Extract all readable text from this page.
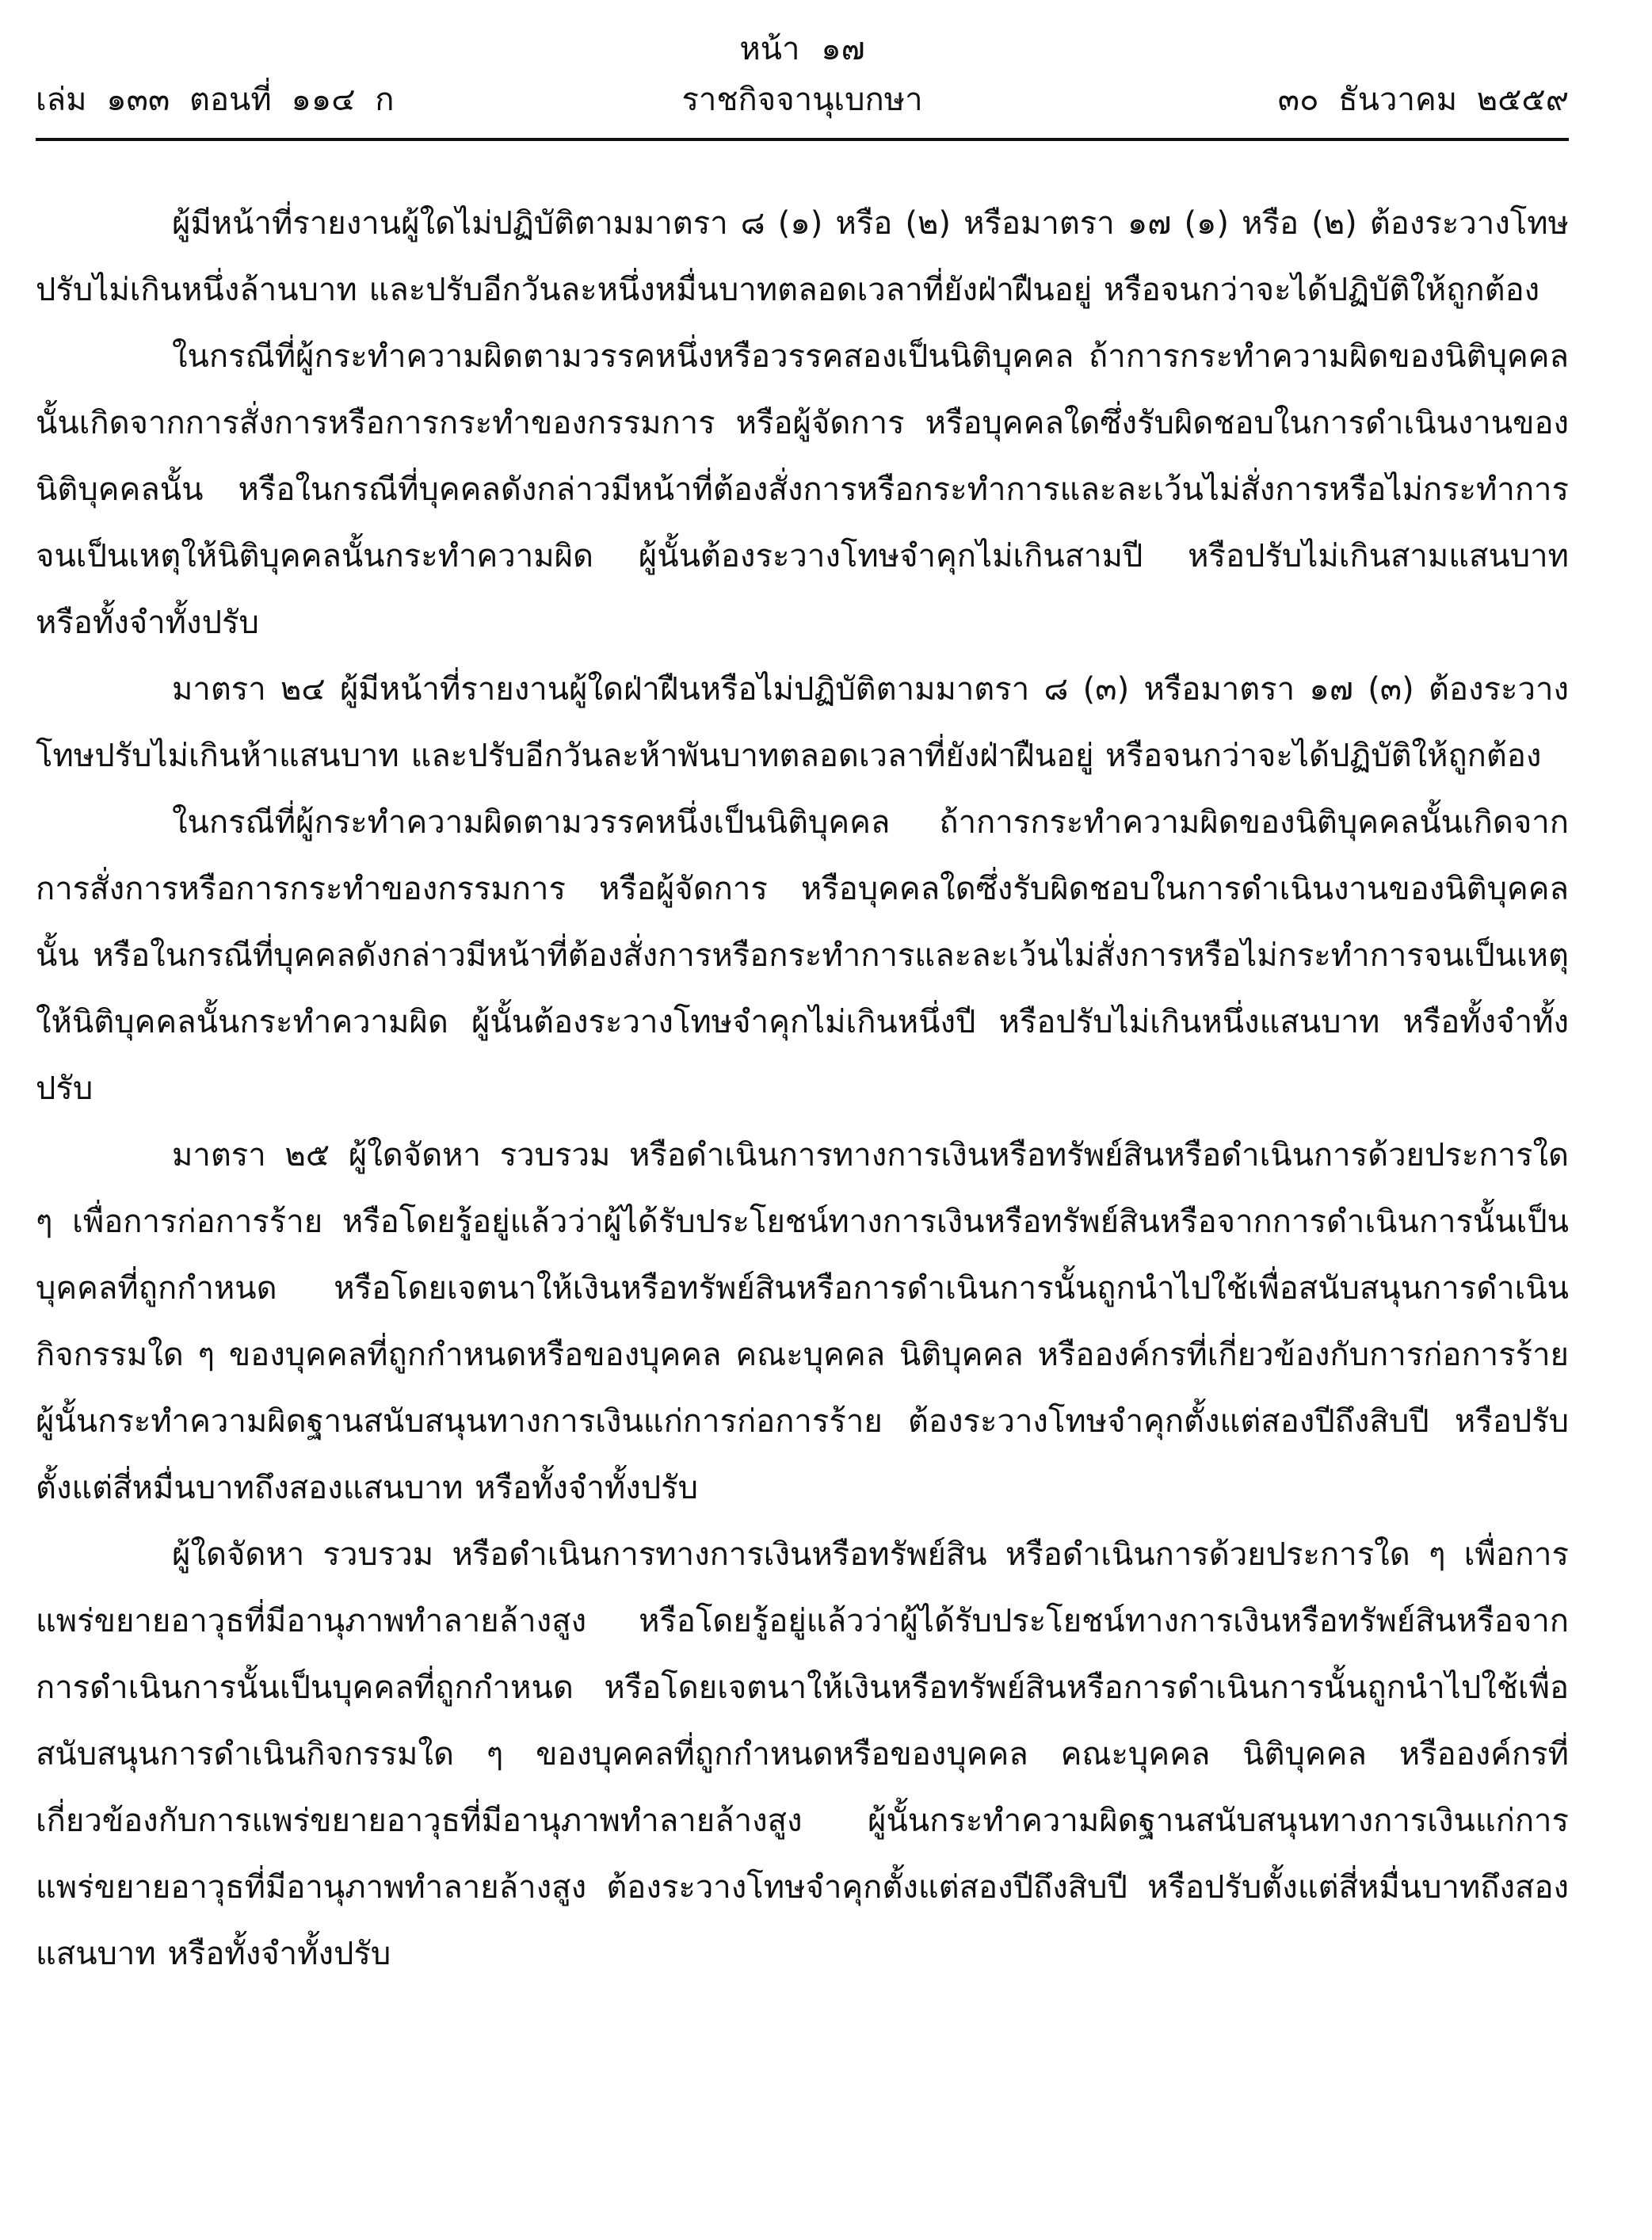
หน้า ๑๗
เล่ม ๑๓๓ ตอนที่ ๑๑๔ ก	ราชกิจจานุเบกษา	๓๐ ธันวาคม ๒๕๕๙

ผู้มีหน้าที่รายงานผู้ใดไม่ปฏิบัติตามมาตรา ๘ (๑) หรือ (๒) หรือมาตรา ๑๗ (๑) หรือ (๒) ต้องระวางโทษปรับไม่เกินหนึ่งล้านบาท และปรับอีกวันละหนึ่งหมื่นบาทตลอดเวลาที่ยังฝ่าฝืนอยู่ หรือจนกว่าจะได้ปฏิบัติให้ถูกต้อง

ในกรณีที่ผู้กระทำความผิดตามวรรคหนึ่งหรือวรรคสองเป็นนิติบุคคล ถ้าการกระทำความผิดของนิติบุคคลนั้นเกิดจากการสั่งการหรือการกระทำของกรรมการ หรือผู้จัดการ หรือบุคคลใดซึ่งรับผิดชอบในการดำเนินงานของนิติบุคคลนั้น หรือในกรณีที่บุคคลดังกล่าวมีหน้าที่ต้องสั่งการหรือกระทำการและละเว้นไม่สั่งการหรือไม่กระทำการจนเป็นเหตุให้นิติบุคคลนั้นกระทำความผิด ผู้นั้นต้องระวางโทษจำคุกไม่เกินสามปี หรือปรับไม่เกินสามแสนบาท หรือทั้งจำทั้งปรับ

มาตรา ๒๔ ผู้มีหน้าที่รายงานผู้ใดฝ่าฝืนหรือไม่ปฏิบัติตามมาตรา ๘ (๓) หรือมาตรา ๑๗ (๓) ต้องระวางโทษปรับไม่เกินห้าแสนบาท และปรับอีกวันละห้าพันบาทตลอดเวลาที่ยังฝ่าฝืนอยู่ หรือจนกว่าจะได้ปฏิบัติให้ถูกต้อง

ในกรณีที่ผู้กระทำความผิดตามวรรคหนึ่งเป็นนิติบุคคล ถ้าการกระทำความผิดของนิติบุคคลนั้นเกิดจากการสั่งการหรือการกระทำของกรรมการ หรือผู้จัดการ หรือบุคคลใดซึ่งรับผิดชอบในการดำเนินงานของนิติบุคคลนั้น หรือในกรณีที่บุคคลดังกล่าวมีหน้าที่ต้องสั่งการหรือกระทำการและละเว้นไม่สั่งการหรือไม่กระทำการจนเป็นเหตุให้นิติบุคคลนั้นกระทำความผิด ผู้นั้นต้องระวางโทษจำคุกไม่เกินหนึ่งปี หรือปรับไม่เกินหนึ่งแสนบาท หรือทั้งจำทั้งปรับ

มาตรา ๒๕ ผู้ใดจัดหา รวบรวม หรือดำเนินการทางการเงินหรือทรัพย์สินหรือดำเนินการด้วยประการใด ๆ เพื่อการก่อการร้าย หรือโดยรู้อยู่แล้วว่าผู้ได้รับประโยชน์ทางการเงินหรือทรัพย์สินหรือจากการดำเนินการนั้นเป็นบุคคลที่ถูกกำหนด หรือโดยเจตนาให้เงินหรือทรัพย์สินหรือการดำเนินการนั้นถูกนำไปใช้เพื่อสนับสนุนการดำเนินกิจกรรมใด ๆ ของบุคคลที่ถูกกำหนดหรือของบุคคล คณะบุคคล นิติบุคคล หรือองค์กรที่เกี่ยวข้องกับการก่อการร้าย ผู้นั้นกระทำความผิดฐานสนับสนุนทางการเงินแก่การก่อการร้าย ต้องระวางโทษจำคุกตั้งแต่สองปีถึงสิบปี หรือปรับตั้งแต่สี่หมื่นบาทถึงสองแสนบาท หรือทั้งจำทั้งปรับ

ผู้ใดจัดหา รวบรวม หรือดำเนินการทางการเงินหรือทรัพย์สิน หรือดำเนินการด้วยประการใด ๆ เพื่อการแพร่ขยายอาวุธที่มีอานุภาพทำลายล้างสูง หรือโดยรู้อยู่แล้วว่าผู้ได้รับประโยชน์ทางการเงินหรือทรัพย์สินหรือจากการดำเนินการนั้นเป็นบุคคลที่ถูกกำหนด หรือโดยเจตนาให้เงินหรือทรัพย์สินหรือการดำเนินการนั้นถูกนำไปใช้เพื่อสนับสนุนการดำเนินกิจกรรมใด ๆ ของบุคคลที่ถูกกำหนดหรือของบุคคล คณะบุคคล นิติบุคคล หรือองค์กรที่เกี่ยวข้องกับการแพร่ขยายอาวุธที่มีอานุภาพทำลายล้างสูง ผู้นั้นกระทำความผิดฐานสนับสนุนทางการเงินแก่การแพร่ขยายอาวุธที่มีอานุภาพทำลายล้างสูง ต้องระวางโทษจำคุกตั้งแต่สองปีถึงสิบปี หรือปรับตั้งแต่สี่หมื่นบาทถึงสองแสนบาท หรือทั้งจำทั้งปรับ
